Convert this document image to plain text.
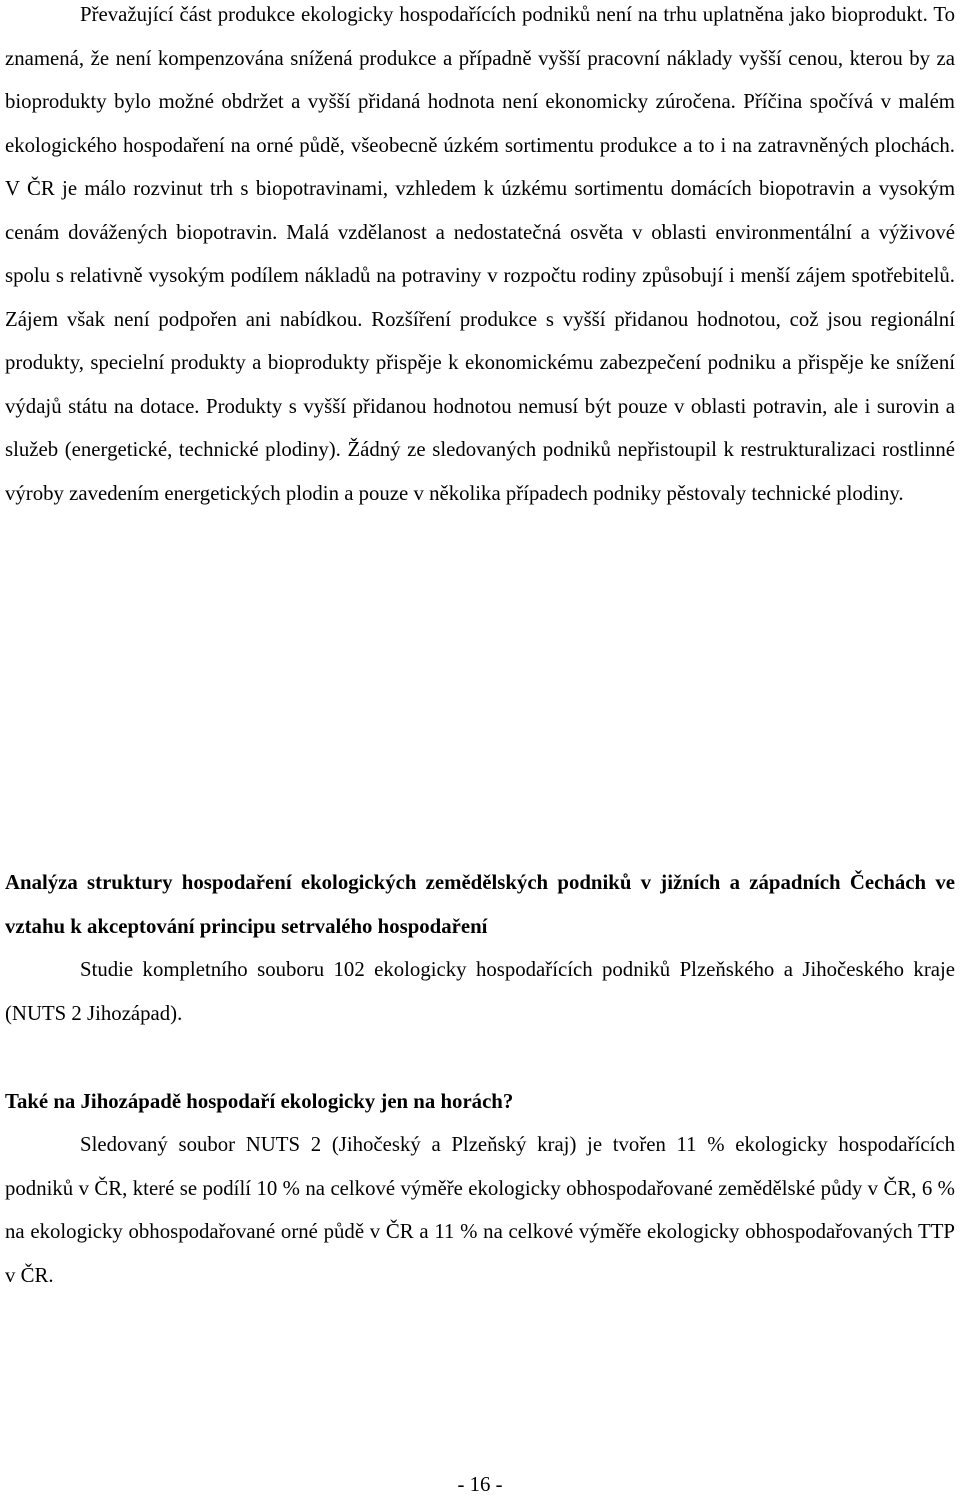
Převažující část produkce ekologicky hospodařících podniků není na trhu uplatněna jako bioprodukt. To znamená, že není kompenzována snížená produkce a případně vyšší pracovní náklady vyšší cenou, kterou by za bioprodukty bylo možné obdržet a vyšší přidaná hodnota není ekonomicky zúročena. Příčina spočívá v malém ekologického hospodaření na orné půdě, všeobecně úzkém sortimentu produkce a to i na zatravněných plochách. V ČR je málo rozvinut trh s biopotravinami, vzhledem k úzkému sortimentu domácích biopotravin a vysokým cenám dovážených biopotravin. Malá vzdělanost a nedostatečná osvěta v oblasti environmentální a výživové spolu s relativně vysokým podílem nákladů na potraviny v rozpočtu rodiny způsobují i menší zájem spotřebitelů. Zájem však není podpořen ani nabídkou. Rozšíření produkce s vyšší přidanou hodnotou, což jsou regionální produkty, specielní produkty a bioprodukty přispěje k ekonomickému zabezpečení podniku a přispěje ke snížení výdajů státu na dotace. Produkty s vyšší přidanou hodnotou nemusí být pouze v oblasti potravin, ale i surovin a služeb (energetické, technické plodiny). Žádný ze sledovaných podniků nepřistoupil k restrukturalizaci rostlinné výroby zavedením energetických plodin a pouze v několika případech podniky pěstovaly technické plodiny.

Analýza struktury hospodaření ekologických zemědělských podniků v jižních a západních Čechách ve vztahu k akceptování principu setrvalého hospodaření

Studie kompletního souboru 102 ekologicky hospodařících podniků Plzeňského a Jihočeského kraje (NUTS 2 Jihozápad).

Také na Jihozápadě hospodaří ekologicky jen na horách?

Sledovaný soubor NUTS 2 (Jihočeský a Plzeňský kraj) je tvořen 11 % ekologicky hospodařících podniků v ČR, které se podílí 10 % na celkové výměře ekologicky obhospodařované zemědělské půdy v ČR, 6 % na ekologicky obhospodařované orné půdě v ČR a 11 % na celkové výměře ekologicky obhospodařovaných TTP v ČR.

- 16 -
